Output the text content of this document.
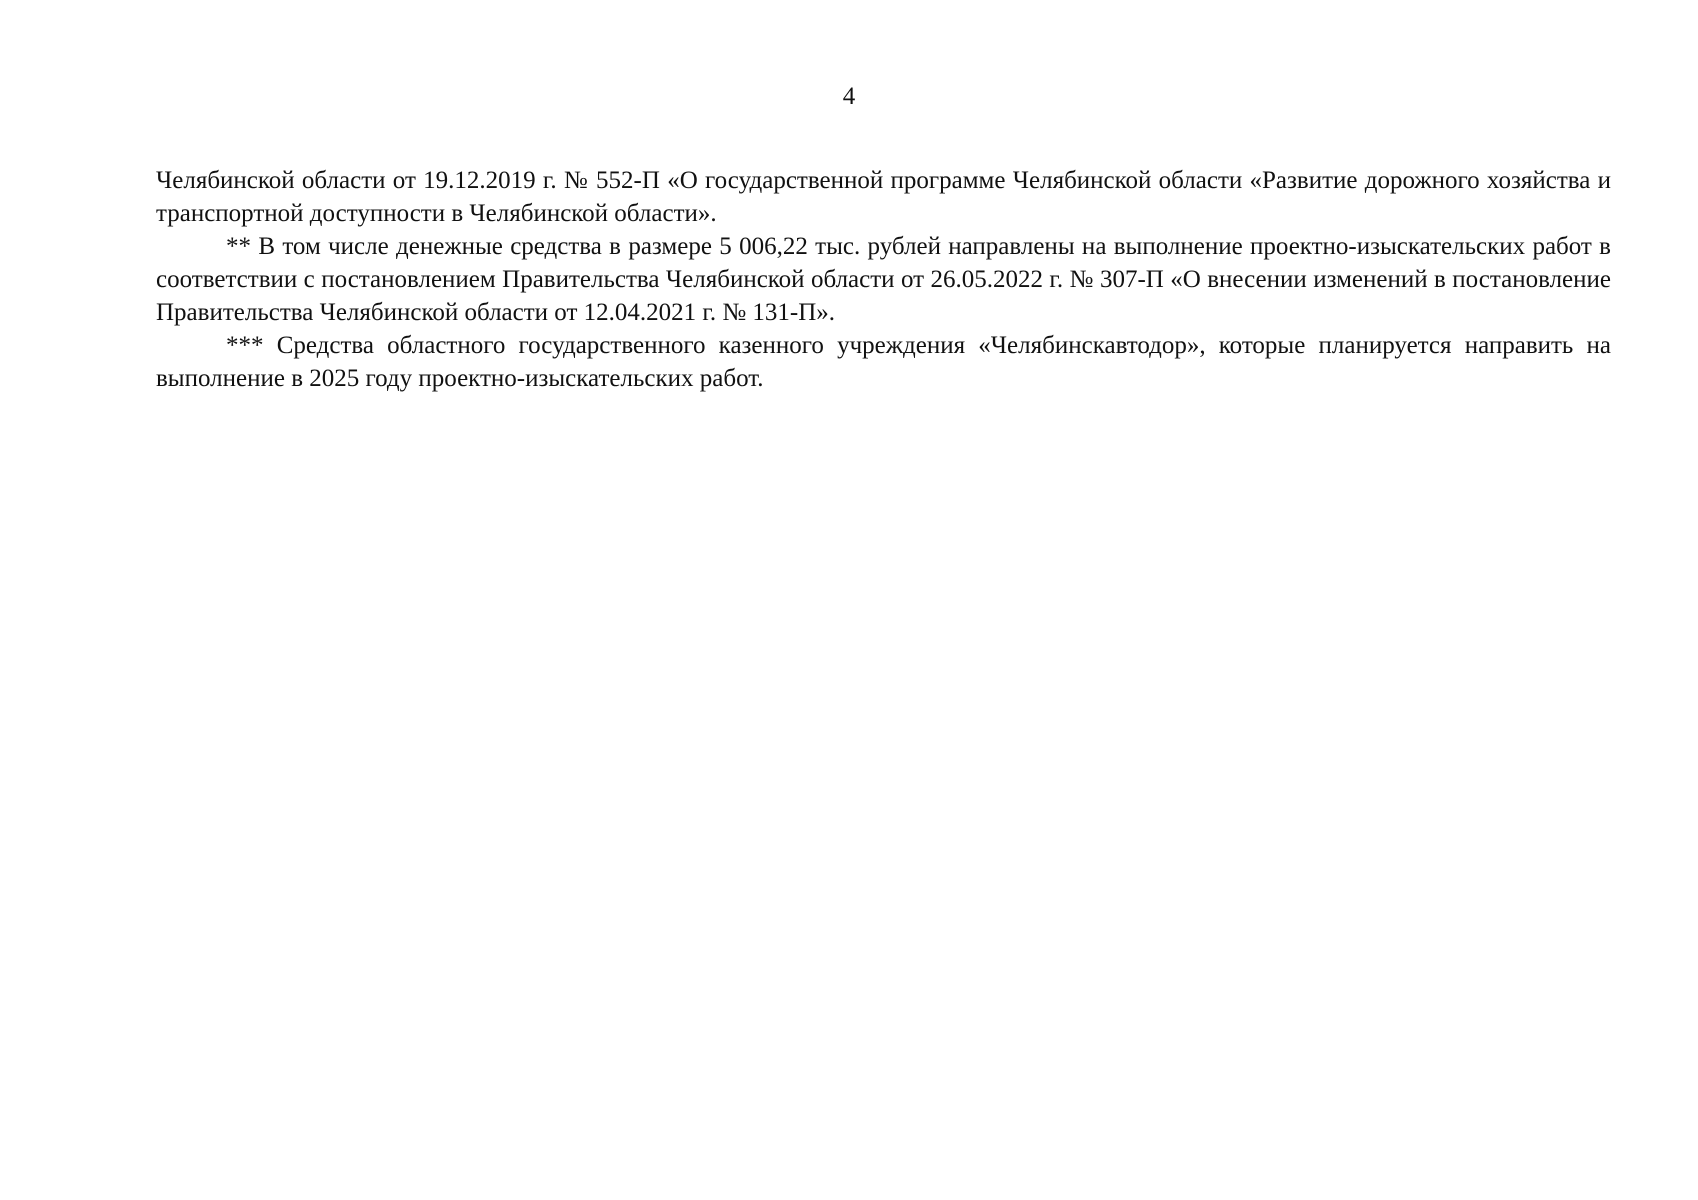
4

Челябинской области от 19.12.2019 г. № 552-П «О государственной программе Челябинской области «Развитие дорожного хозяйства и транспортной доступности в Челябинской области».

** В том числе денежные средства в размере 5 006,22 тыс. рублей направлены на выполнение проектно-изыскательских работ в соответствии с постановлением Правительства Челябинской области от 26.05.2022 г. № 307-П «О внесении изменений в постановление Правительства Челябинской области от 12.04.2021 г. № 131-П».

*** Средства областного государственного казенного учреждения «Челябинскавтодор», которые планируется направить на выполнение в 2025 году проектно-изыскательских работ.
